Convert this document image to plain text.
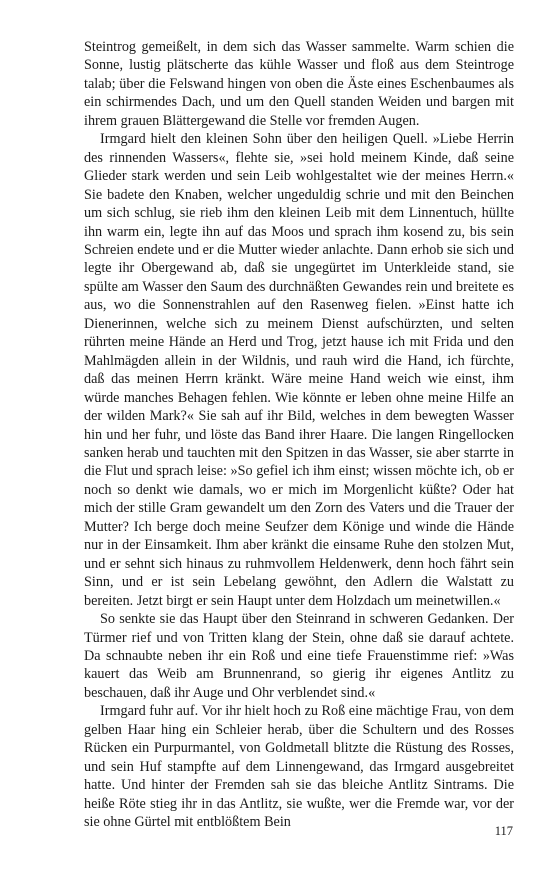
Steintrog gemeißelt, in dem sich das Wasser sammelte. Warm schien die Sonne, lustig plätscherte das kühle Wasser und floß aus dem Steintroge talab; über die Felswand hingen von oben die Äste eines Eschenbaumes als ein schirmendes Dach, und um den Quell standen Weiden und bargen mit ihrem grauen Blättergewand die Stelle vor fremden Augen.

Irmgard hielt den kleinen Sohn über den heiligen Quell. »Liebe Herrin des rinnenden Wassers«, flehte sie, »sei hold meinem Kinde, daß seine Glieder stark werden und sein Leib wohlgestaltet wie der meines Herrn.« Sie badete den Knaben, welcher ungeduldig schrie und mit den Beinchen um sich schlug, sie rieb ihm den kleinen Leib mit dem Linnentuch, hüllte ihn warm ein, legte ihn auf das Moos und sprach ihm kosend zu, bis sein Schreien endete und er die Mutter wieder anlachte. Dann erhob sie sich und legte ihr Obergewand ab, daß sie ungegürtet im Unterkleide stand, sie spülte am Wasser den Saum des durchnäßten Gewandes rein und breitete es aus, wo die Sonnenstrahlen auf den Rasenweg fielen. »Einst hatte ich Dienerinnen, welche sich zu meinem Dienst aufschürzten, und selten rührten meine Hände an Herd und Trog, jetzt hause ich mit Frida und den Mahlmägden allein in der Wildnis, und rauh wird die Hand, ich fürchte, daß das meinen Herrn kränkt. Wäre meine Hand weich wie einst, ihm würde manches Behagen fehlen. Wie könnte er leben ohne meine Hilfe an der wilden Mark?« Sie sah auf ihr Bild, welches in dem bewegten Wasser hin und her fuhr, und löste das Band ihrer Haare. Die langen Ringellocken sanken herab und tauchten mit den Spitzen in das Wasser, sie aber starrte in die Flut und sprach leise: »So gefiel ich ihm einst; wissen möchte ich, ob er noch so denkt wie damals, wo er mich im Morgenlicht küßte? Oder hat mich der stille Gram gewandelt um den Zorn des Vaters und die Trauer der Mutter? Ich berge doch meine Seufzer dem Könige und winde die Hände nur in der Einsamkeit. Ihm aber kränkt die einsame Ruhe den stolzen Mut, und er sehnt sich hinaus zu ruhmvollem Heldenwerk, denn hoch fährt sein Sinn, und er ist sein Lebelang gewöhnt, den Adlern die Walstatt zu bereiten. Jetzt birgt er sein Haupt unter dem Holzdach um meinetwillen.«

So senkte sie das Haupt über den Steinrand in schweren Gedanken. Der Türmer rief und von Tritten klang der Stein, ohne daß sie darauf achtete. Da schnaubte neben ihr ein Roß und eine tiefe Frauenstimme rief: »Was kauert das Weib am Brunnenrand, so gierig ihr eigenes Antlitz zu beschauen, daß ihr Auge und Ohr verblendet sind.«

Irmgard fuhr auf. Vor ihr hielt hoch zu Roß eine mächtige Frau, von dem gelben Haar hing ein Schleier herab, über die Schultern und des Rosses Rücken ein Purpurmantel, von Goldmetall blitzte die Rüstung des Rosses, und sein Huf stampfte auf dem Linnengewand, das Irmgard ausgebreitet hatte. Und hinter der Fremden sah sie das bleiche Antlitz Sintrams. Die heiße Röte stieg ihr in das Antlitz, sie wußte, wer die Fremde war, vor der sie ohne Gürtel mit entblößtem Bein

117
